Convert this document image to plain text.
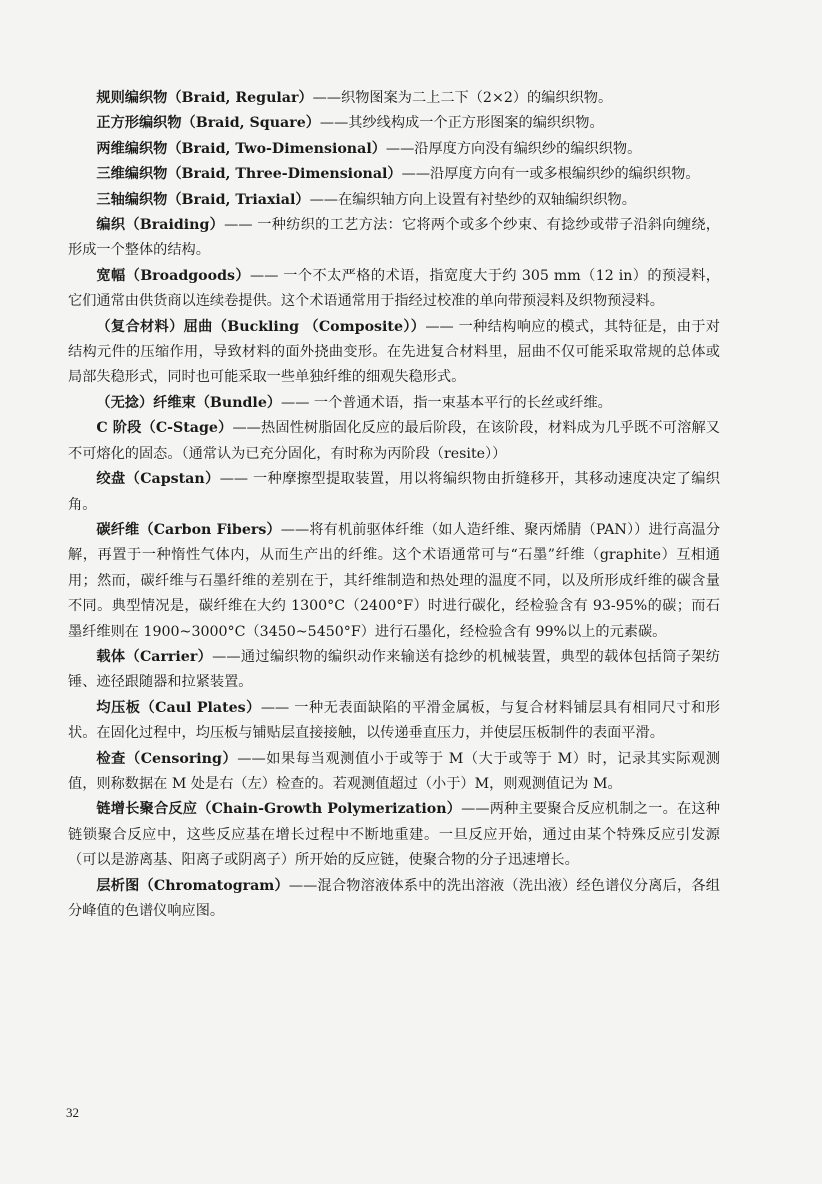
规则编织物（Braid, Regular）——织物图案为二上二下（2×2）的编织织物。

正方形编织物（Braid, Square）——其纱线构成一个正方形图案的编织织物。

两维编织物（Braid, Two-Dimensional）——沿厚度方向没有编织纱的编织织物。

三维编织物（Braid, Three-Dimensional）——沿厚度方向有一或多根编织纱的编织织物。

三轴编织物（Braid, Triaxial）——在编织轴方向上设置有衬垫纱的双轴编织织物。

编织（Braiding）—— 一种纺织的工艺方法：它将两个或多个纱束、有捻纱或带子沿斜向缠绕，形成一个整体的结构。

宽幅（Broadgoods）—— 一个不太严格的术语，指宽度大于约 305 mm（12 in）的预浸料，它们通常由供货商以连续卷提供。这个术语通常用于指经过校准的单向带预浸料及织物预浸料。

（复合材料）屈曲（Buckling （Composite））—— 一种结构响应的模式，其特征是，由于对结构元件的压缩作用，导致材料的面外挠曲变形。在先进复合材料里，屈曲不仅可能采取常规的总体或局部失稳形式，同时也可能采取一些单独纤维的细观失稳形式。

（无捻）纤维束（Bundle）—— 一个普通术语，指一束基本平行的长丝或纤维。

C 阶段（C-Stage）——热固性树脂固化反应的最后阶段，在该阶段，材料成为几乎既不可溶解又不可熔化的固态。（通常认为已充分固化，有时称为丙阶段（resite））

绞盘（Capstan）—— 一种摩擦型提取装置，用以将编织物由折缝移开，其移动速度决定了编织角。

碳纤维（Carbon Fibers）——将有机前驱体纤维（如人造纤维、聚丙烯腈（PAN））进行高温分解，再置于一种惰性气体内，从而生产出的纤维。这个术语通常可与“石墨”纤维（graphite）互相通用；然而，碳纤维与石墨纤维的差别在于，其纤维制造和热处理的温度不同，以及所形成纤维的碳含量不同。典型情况是，碳纤维在大约 1300°C（2400°F）时进行碳化，经检验含有 93-95%的碳；而石墨纤维则在 1900~3000°C（3450~5450°F）进行石墨化，经检验含有 99%以上的元素碳。

载体（Carrier）——通过编织物的编织动作来输送有捻纱的机械装置，典型的载体包括筒子架纺锤、迹径跟随器和拉紧装置。

均压板（Caul Plates）—— 一种无表面缺陷的平滑金属板，与复合材料铺层具有相同尺寸和形状。在固化过程中，均压板与铺贴层直接接触，以传递垂直压力，并使层压板制件的表面平滑。

检查（Censoring）——如果每当观测值小于或等于 M（大于或等于 M）时，记录其实际观测值，则称数据在 M 处是右（左）检查的。若观测值超过（小于）M，则观测值记为 M。

链增长聚合反应（Chain-Growth Polymerization）——两种主要聚合反应机制之一。在这种链锁聚合反应中，这些反应基在增长过程中不断地重建。一旦反应开始，通过由某个特殊反应引发源（可以是游离基、阳离子或阴离子）所开始的反应链，使聚合物的分子迅速增长。

层析图（Chromatogram）——混合物溶液体系中的洗出溶液（洗出液）经色谱仪分离后，各组分峰值的色谱仪响应图。

32
